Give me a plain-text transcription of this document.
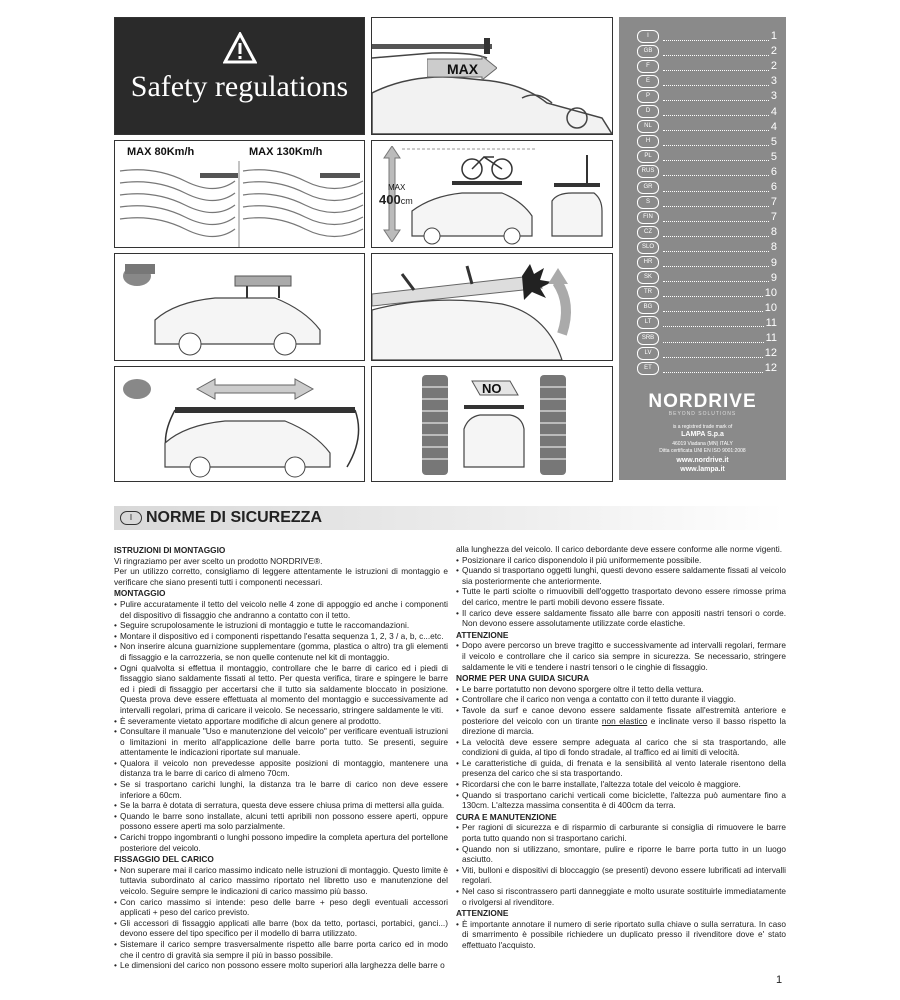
Safety regulations
MAX
MAX 80Km/h	MAX 130Km/h
MAX
400cm
NO
NORDRIVE
BEYOND SOLUTIONS
is a registred trade mark of
LAMPA S.p.a
46019 Viadana (MN) ITALY
Ditta certificata UNI EN ISO 9001:2008
www.nordrive.it
www.lampa.it
I	1
GB	2
F	2
E	3
P	3
D	4
NL	4
H	5
PL	5
RUS	6
GR	6
S	7
FIN	7
CZ	8
SLO	8
HR	9
SK	9
TR	10
BG	10
LT	11
SRB	11
LV	12
ET	12
I NORME DI SICUREZZA
ISTRUZIONI DI MONTAGGIO

Vi ringraziamo per aver scelto un prodotto NORDRIVE®.

Per un utilizzo corretto, consigliamo di leggere attentamente le istruzioni di montaggio e verificare che siano presenti tutti i componenti necessari.

MONTAGGIO
• Pulire accuratamente il tetto del veicolo nelle 4 zone di appoggio ed anche i componenti del dispositivo di fissaggio che andranno a contatto con il tetto.
• Seguire scrupolosamente le istruzioni di montaggio e tutte le raccomandazioni.
• Montare il dispositivo ed i componenti rispettando l'esatta sequenza 1, 2, 3 / a, b, c...etc.
• Non inserire alcuna guarnizione supplementare (gomma, plastica o altro) tra gli elementi di fissaggio e la carrozzeria, se non quelle contenute nel kit di montaggio.
• Ogni qualvolta si effettua il montaggio, controllare che le barre di carico ed i piedi di fissaggio siano saldamente fissati al tetto. Per questa verifica, tirare e spingere le barre ed i piedi di fissaggio per accertarsi che il tutto sia saldamente bloccato in posizione. Questa prova deve essere effettuata al momento del montaggio e successivamente ad intervalli regolari, prima di caricare il veicolo. Se necessario, stringere saldamente le viti.
• È severamente vietato apportare modifiche di alcun genere al prodotto.
• Consultare il manuale "Uso e manutenzione del veicolo" per verificare eventuali istruzioni o limitazioni in merito all'applicazione delle barre porta tutto. Se presenti, seguire attentamente le indicazioni riportate sul manuale.
• Qualora il veicolo non prevedesse apposite posizioni di montaggio, mantenere una distanza tra le barre di carico di almeno 70cm.
• Se si trasportano carichi lunghi, la distanza tra le barre di carico non deve essere inferiore a 60cm.
• Se la barra è dotata di serratura, questa deve essere chiusa prima di mettersi alla guida.
• Quando le barre sono installate, alcuni tetti apribili non possono essere aperti, oppure possono essere aperti ma solo parzialmente.
• Carichi troppo ingombranti o lunghi possono impedire la completa apertura del portellone posteriore del veicolo.
FISSAGGIO DEL CARICO
• Non superare mai il carico massimo indicato nelle istruzioni di montaggio. Questo limite è tuttavia subordinato al carico massimo riportato nel libretto uso e manutenzione del veicolo. Seguire sempre le indicazioni di carico massimo più basso.
• Con carico massimo si intende: peso delle barre + peso degli eventuali accessori applicati + peso del carico previsto.
• Gli accessori di fissaggio applicati alle barre (box da tetto, portasci, portabici, ganci...) devono essere del tipo specifico per il modello di barra utilizzato.
• Sistemare il carico sempre trasversalmente rispetto alle barre porta carico ed in modo che il centro di gravità sia sempre il più in basso possibile.
• Le dimensioni del carico non possono essere molto superiori alla larghezza delle barre o

alla lunghezza del veicolo. Il carico debordante deve essere conforme alle norme vigenti.

• Posizionare il carico disponendolo il più uniformemente possibile.
• Quando si trasportano oggetti lunghi, questi devono essere saldamente fissati al veicolo sia posteriormente che anteriormente.
• Tutte le parti sciolte o rimuovibili dell'oggetto trasportato devono essere rimosse prima del carico, mentre le parti mobili devono essere fissate.
• Il carico deve essere saldamente fissato alle barre con appositi nastri tensori o corde. Non devono essere assolutamente utilizzate corde elastiche.
ATTENZIONE
• Dopo avere percorso un breve tragitto e successivamente ad intervalli regolari, fermare il veicolo e controllare che il carico sia sempre in sicurezza. Se necessario, stringere saldamente le viti e tendere i nastri tensori o le cinghie di fissaggio.
NORME PER UNA GUIDA SICURA
• Le barre portatutto non devono sporgere oltre il tetto della vettura.
• Controllare che il carico non venga a contatto con il tetto durante il viaggio.
• Tavole da surf e canoe devono essere saldamente fissate all'estremità anteriore e posteriore del veicolo con un tirante non elastico e inclinate verso il basso rispetto la direzione di marcia.
• La velocità deve essere sempre adeguata al carico che si sta trasportando, alle condizioni di guida, al tipo di fondo stradale, al traffico ed ai limiti di velocità.
• Le caratteristiche di guida, di frenata e la sensibilità al vento laterale risentono della presenza del carico che si sta trasportando.
• Ricordarsi che con le barre installate, l'altezza totale del veicolo è maggiore.
• Quando si trasportano carichi verticali come biciclette, l'altezza può aumentare fino a 130cm. L'altezza massima consentita è di 400cm da terra.
CURA E MANUTENZIONE
• Per ragioni di sicurezza e di risparmio di carburante si consiglia di rimuovere le barre porta tutto quando non si trasportano carichi.
• Quando non si utilizzano, smontare, pulire e riporre le barre porta tutto in un luogo asciutto.
• Viti, bulloni e dispositivi di bloccaggio (se presenti) devono essere lubrificati ad intervalli regolari.
• Nel caso si riscontrassero parti danneggiate e molto usurate sostituirle immediatamente o rivolgersi al rivenditore.
ATTENZIONE
• È importante annotare il numero di serie riportato sulla chiave o sulla serratura. In caso di smarrimento è possibile richiedere un duplicato presso il rivenditore dove e' stato effettuato l'acquisto.
1
